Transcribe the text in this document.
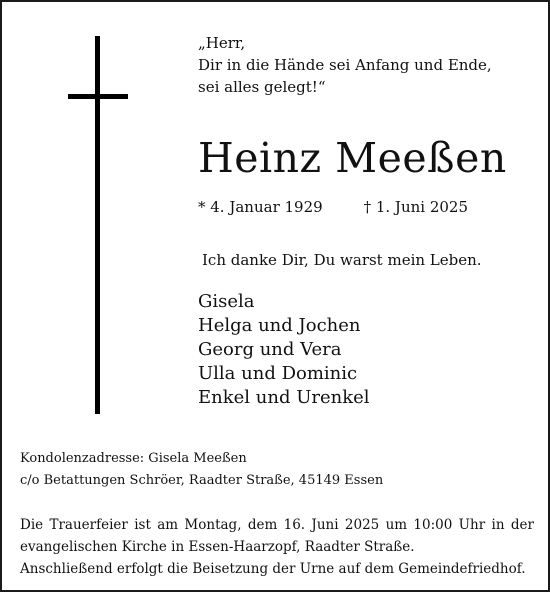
„Herr,
Dir in die Hände sei Anfang und Ende,
sei alles gelegt!“
Heinz Meeßen
* 4. Januar 1929	† 1. Juni 2025
Ich danke Dir, Du warst mein Leben.
Gisela
Helga und Jochen
Georg und Vera
Ulla und Dominic
Enkel und Urenkel
Kondolenzadresse: Gisela Meeßen
c/o Betattungen Schröer, Raadter Straße, 45149 Essen
Die Trauerfeier ist am Montag, dem 16. Juni 2025 um 10:00 Uhr in der
evangelischen Kirche in Essen-Haarzopf, Raadter Straße.
Anschließend erfolgt die Beisetzung der Urne auf dem Gemeindefriedhof.
